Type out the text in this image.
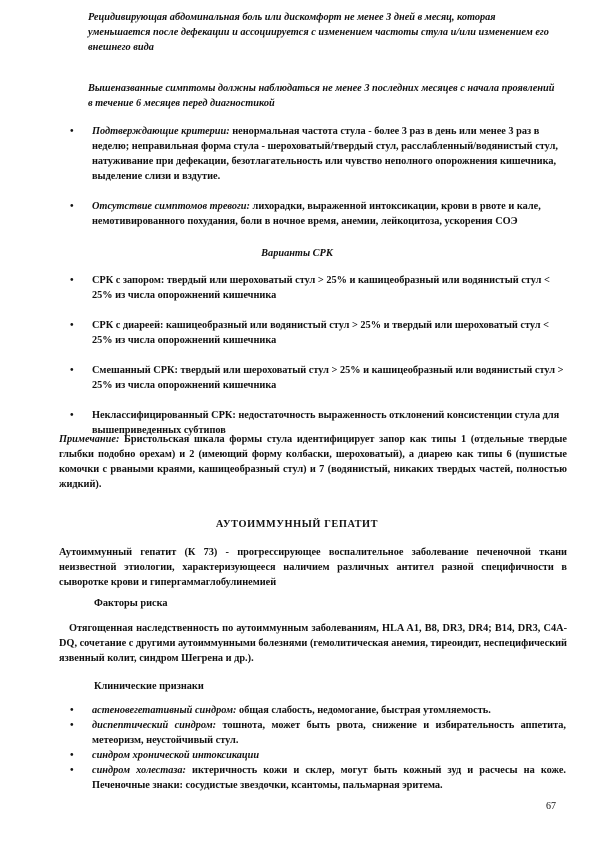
Рецидивирующая абдоминальная боль или дискомфорт не менее 3 дней в месяц, которая уменьшается после дефекации и ассоциируется с изменением частоты стула и/или изменением его внешнего вида
Вышеназванные симптомы должны наблюдаться не менее 3 последних месяцев с начала проявлений в течение 6 месяцев перед диагностикой
• Подтверждающие критерии: ненормальная частота стула - более 3 раз в день или менее 3 раз в неделю; неправильная форма стула - шероховатый/твердый стул, расслабленный/водянистый стул, натуживание при дефекации, безотлагательность или чувство неполного опорожнения кишечника, выделение слизи и вздутие.
• Отсутствие симптомов тревоги: лихорадки, выраженной интоксикации, крови в рвоте и кале, немотивированного похудания, боли в ночное время, анемии, лейкоцитоза, ускорения СОЭ
Варианты СРК
• СРК с запором: твердый или шероховатый стул > 25% и кашицеобразный или водянистый стул < 25% из числа опорожнений кишечника
• СРК с диареей: кашицеобразный или водянистый стул > 25% и твердый или шероховатый стул < 25% из числа опорожнений кишечника
• Смешанный СРК: твердый или шероховатый стул > 25% и кашицеобразный или водянистый стул > 25% из числа опорожнений кишечника
• Неклассифицированный СРК: недостаточность выраженность отклонений консистенции стула для вышеприведенных субтипов
Примечание: Бристольская шкала формы стула идентифицирует запор как типы 1 (отдельные твердые глыбки подобно орехам) и 2 (имеющий форму колбаски, шероховатый), а диарею как типы 6 (пушистые комочки с рваными краями, кашицеобразный стул) и 7 (водянистый, никаких твердых частей, полностью жидкий).
АУТОИММУННЫЙ ГЕПАТИТ
Аутоиммунный гепатит (К 73) - прогрессирующее воспалительное заболевание печеночной ткани неизвестной этиологии, характеризующееся наличием различных антител разной специфичности в сыворотке крови и гипергаммаглобулинемией
Факторы риска
Отягощенная наследственность по аутоиммунным заболеваниям, HLA A1, B8, DR3, DR4; B14, DR3, C4A-DQ, сочетание с другими аутоиммунными болезнями (гемолитическая анемия, тиреоидит, неспецифический язвенный колит, синдром Шегрена и др.).
Клинические признаки
• астеновегетативный синдром: общая слабость, недомогание, быстрая утомляемость.
• диспептический синдром: тошнота, может быть рвота, снижение и избирательность аппетита, метеоризм, неустойчивый стул.
• синдром хронической интоксикации
• синдром холестаза: иктеричность кожи и склер, могут быть кожный зуд и расчесы на коже. Печеночные знаки: сосудистые звездочки, ксантомы, пальмарная эритема.
67
